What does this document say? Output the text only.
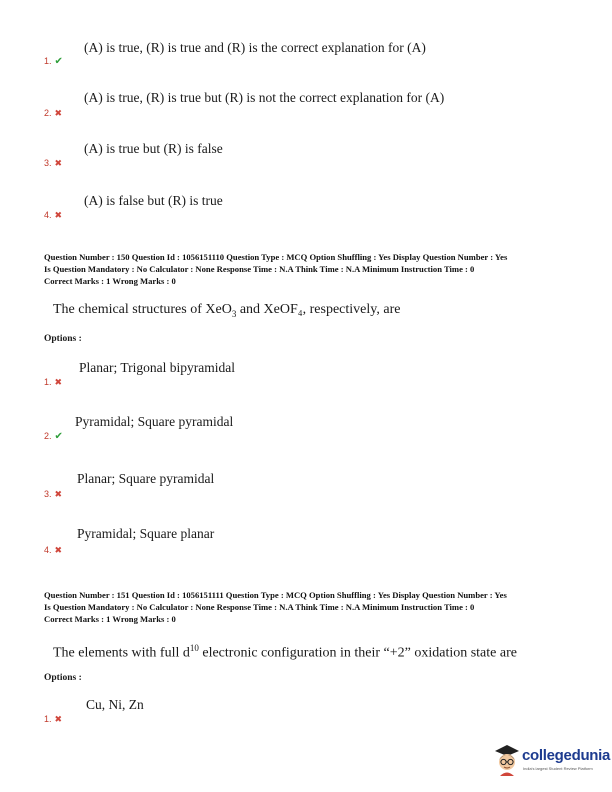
(A) is true, (R) is true and (R) is the correct explanation for (A)
1. ✔
(A) is true, (R) is true but (R) is not the correct explanation for (A)
2. ✖
(A) is true but (R) is false
3. ✖
(A) is false but (R) is true
4. ✖
Question Number : 150 Question Id : 1056151110 Question Type : MCQ Option Shuffling : Yes Display Question Number : Yes
Is Question Mandatory : No Calculator : None Response Time : N.A Think Time : N.A Minimum Instruction Time : 0
Correct Marks : 1 Wrong Marks : 0
The chemical structures of XeO$_3$ and XeOF₄, respectively, are
Options :
Planar; Trigonal bipyramidal
1. ✖
Pyramidal; Square pyramidal
2. ✔
Planar; Square pyramidal
3. ✖
Pyramidal; Square planar
4. ✖
Question Number : 151 Question Id : 1056151111 Question Type : MCQ Option Shuffling : Yes Display Question Number : Yes
Is Question Mandatory : No Calculator : None Response Time : N.A Think Time : N.A Minimum Instruction Time : 0
Correct Marks : 1 Wrong Marks : 0
The elements with full $d^{10}$ electronic configuration in their “+2” oxidation state are
Options :
Cu, Ni, Zn
1. ✖
collegedunia
India's largest Student Review Platform
